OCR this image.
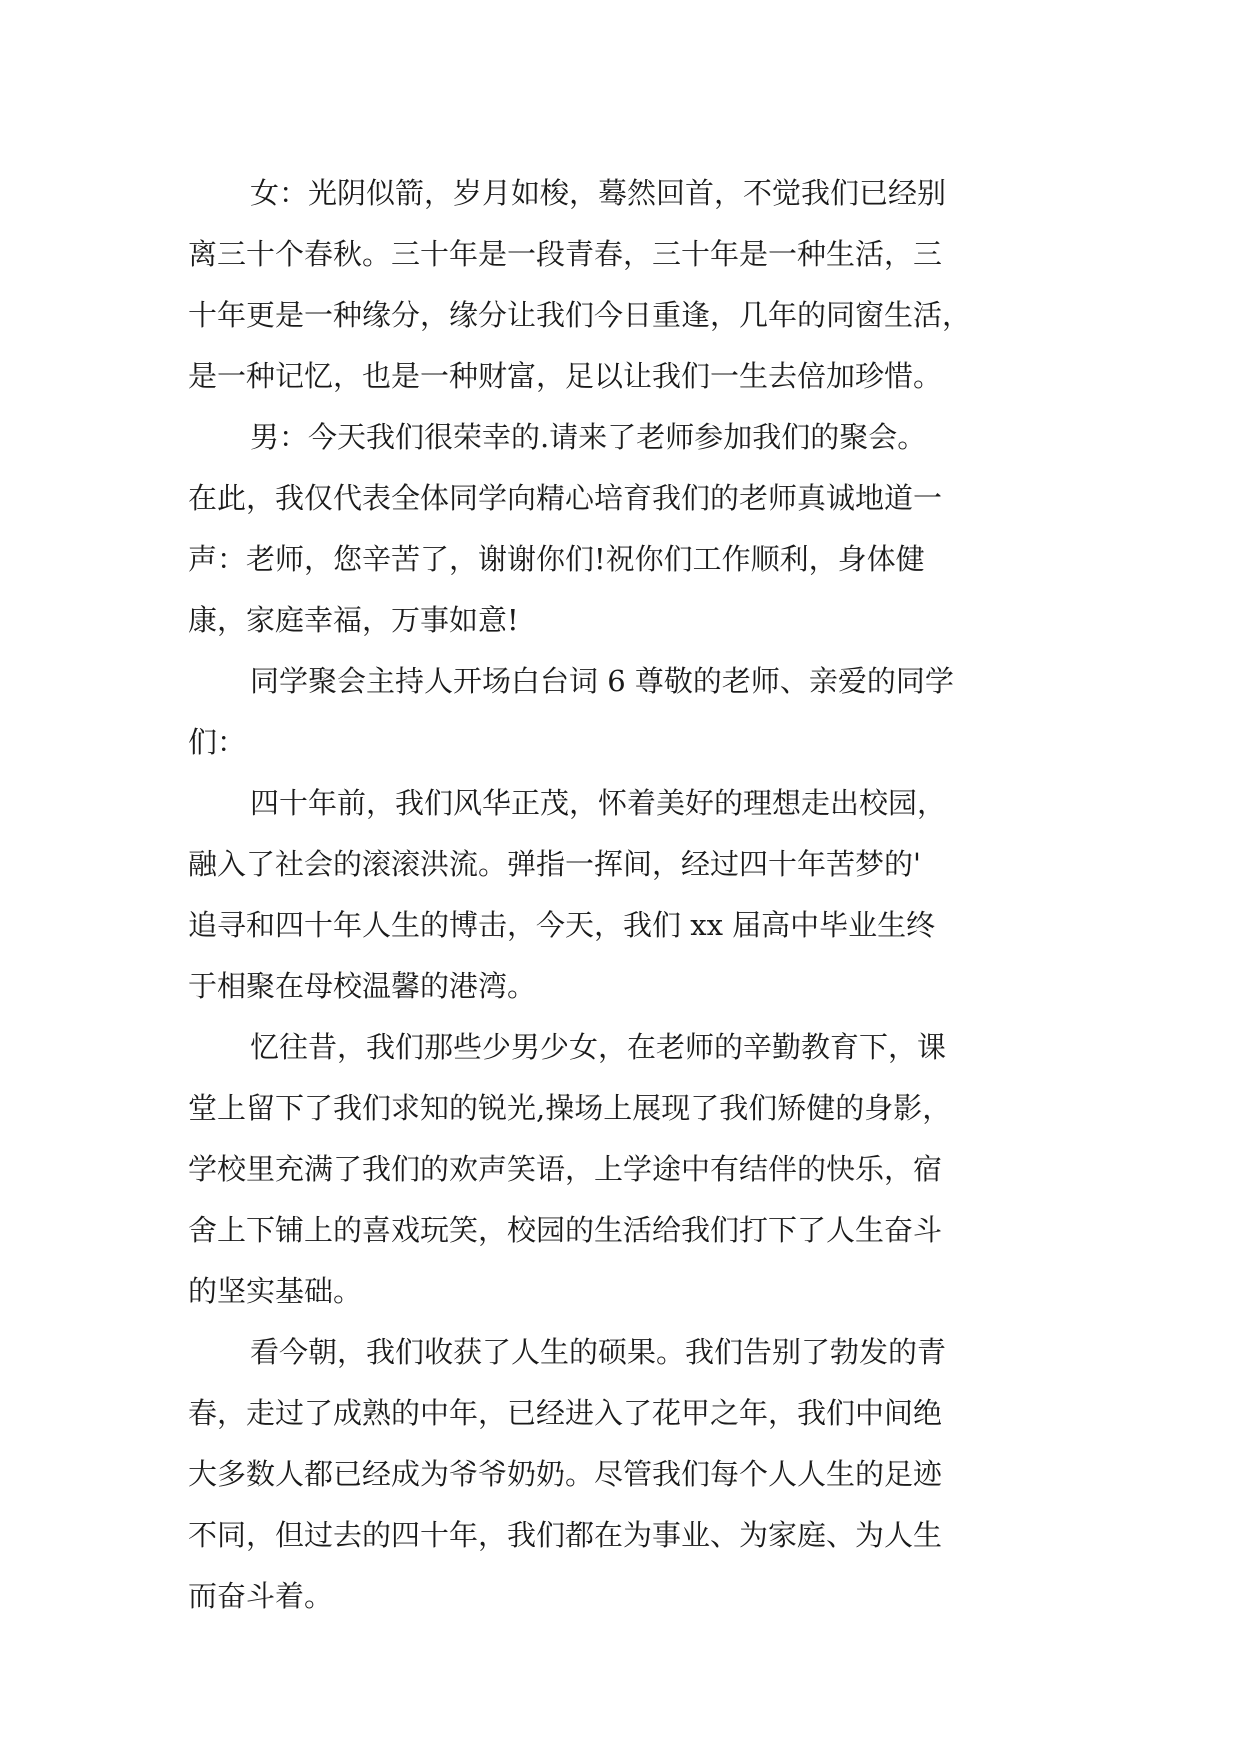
女：光阴似箭，岁月如梭，蓦然回首，不觉我们已经别
离三十个春秋。三十年是一段青春，三十年是一种生活，三
十年更是一种缘分，缘分让我们今日重逢，几年的同窗生活，
是一种记忆，也是一种财富，足以让我们一生去倍加珍惜。
男：今天我们很荣幸的.请来了老师参加我们的聚会。
在此，我仅代表全体同学向精心培育我们的老师真诚地道一
声：老师，您辛苦了，谢谢你们!祝你们工作顺利，身体健
康，家庭幸福，万事如意!
同学聚会主持人开场白台词 6 尊敬的老师、亲爱的同学
们：
四十年前，我们风华正茂，怀着美好的理想走出校园，
融入了社会的滚滚洪流。弹指一挥间，经过四十年苦梦的'
追寻和四十年人生的博击，今天，我们 xx 届高中毕业生终
于相聚在母校温馨的港湾。
忆往昔，我们那些少男少女，在老师的辛勤教育下，课
堂上留下了我们求知的锐光,操场上展现了我们矫健的身影，
学校里充满了我们的欢声笑语，上学途中有结伴的快乐，宿
舍上下铺上的喜戏玩笑，校园的生活给我们打下了人生奋斗
的坚实基础。
看今朝，我们收获了人生的硕果。我们告别了勃发的青
春，走过了成熟的中年，已经进入了花甲之年，我们中间绝
大多数人都已经成为爷爷奶奶。尽管我们每个人人生的足迹
不同，但过去的四十年，我们都在为事业、为家庭、为人生
而奋斗着。
